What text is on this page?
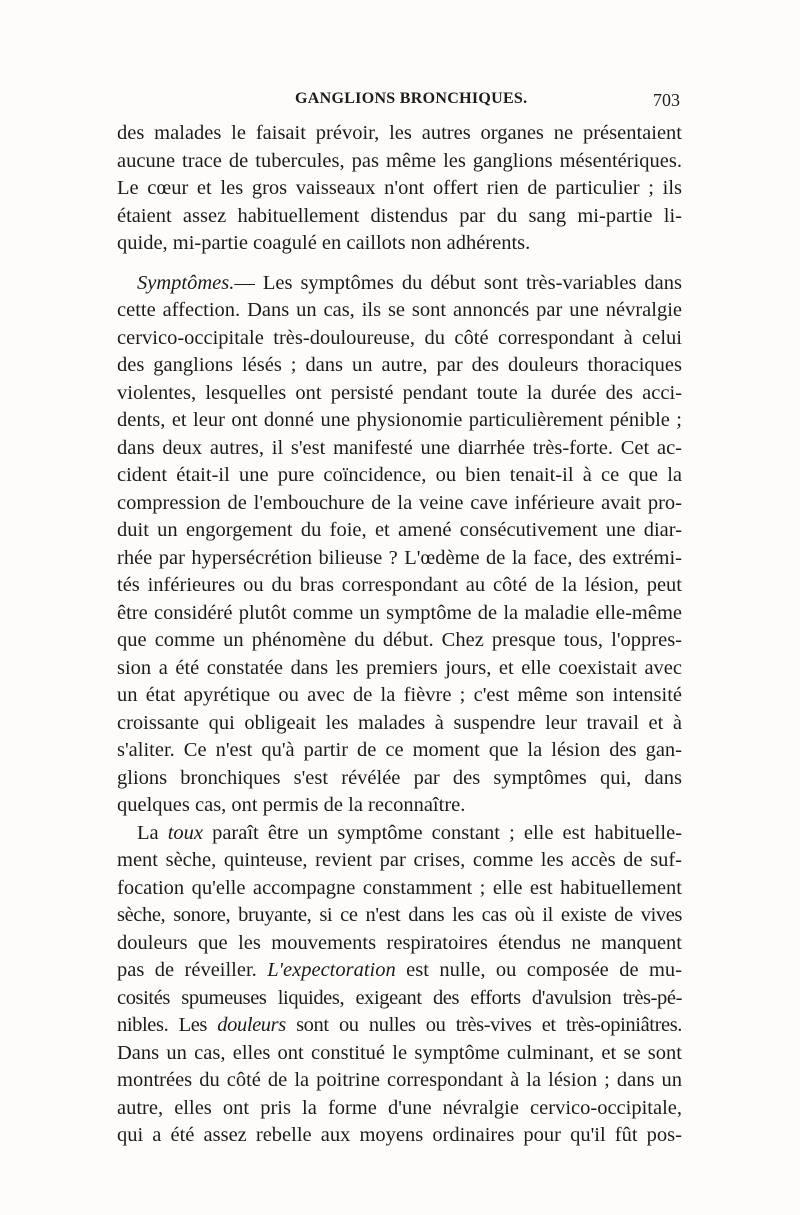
GANGLIONS BRONCHIQUES.	703
des malades le faisait prévoir, les autres organes ne présentaient
aucune trace de tubercules, pas même les ganglions mésentériques.
Le cœur et les gros vaisseaux n'ont offert rien de particulier ; ils
étaient assez habituellement distendus par du sang mi-partie li-
quide, mi-partie coagulé en caillots non adhérents.
Symptômes.— Les symptômes du début sont très-variables dans
cette affection. Dans un cas, ils se sont annoncés par une névralgie
cervico-occipitale très-douloureuse, du côté correspondant à celui
des ganglions lésés ; dans un autre, par des douleurs thoraciques
violentes, lesquelles ont persisté pendant toute la durée des acci-
dents, et leur ont donné une physionomie particulièrement pénible ;
dans deux autres, il s'est manifesté une diarrhée très-forte. Cet ac-
cident était-il une pure coïncidence, ou bien tenait-il à ce que la
compression de l'embouchure de la veine cave inférieure avait pro-
duit un engorgement du foie, et amené consécutivement une diar-
rhée par hypersécrétion bilieuse ? L'œdème de la face, des extrémi-
tés inférieures ou du bras correspondant au côté de la lésion, peut
être considéré plutôt comme un symptôme de la maladie elle-même
que comme un phénomène du début. Chez presque tous, l'oppres-
sion a été constatée dans les premiers jours, et elle coexistait avec
un état apyrétique ou avec de la fièvre ; c'est même son intensité
croissante qui obligeait les malades à suspendre leur travail et à
s'aliter. Ce n'est qu'à partir de ce moment que la lésion des gan-
glions bronchiques s'est révélée par des symptômes qui, dans
quelques cas, ont permis de la reconnaître.
La toux paraît être un symptôme constant ; elle est habituelle-
ment sèche, quinteuse, revient par crises, comme les accès de suf-
focation qu'elle accompagne constamment ; elle est habituellement
sèche, sonore, bruyante, si ce n'est dans les cas où il existe de vives
douleurs que les mouvements respiratoires étendus ne manquent
pas de réveiller. L'expectoration est nulle, ou composée de mu-
cosités spumeuses liquides, exigeant des efforts d'avulsion très-pé-
nibles. Les douleurs sont ou nulles ou très-vives et très-opiniâtres.
Dans un cas, elles ont constitué le symptôme culminant, et se sont
montrées du côté de la poitrine correspondant à la lésion ; dans un
autre, elles ont pris la forme d'une névralgie cervico-occipitale,
qui a été assez rebelle aux moyens ordinaires pour qu'il fût pos-
